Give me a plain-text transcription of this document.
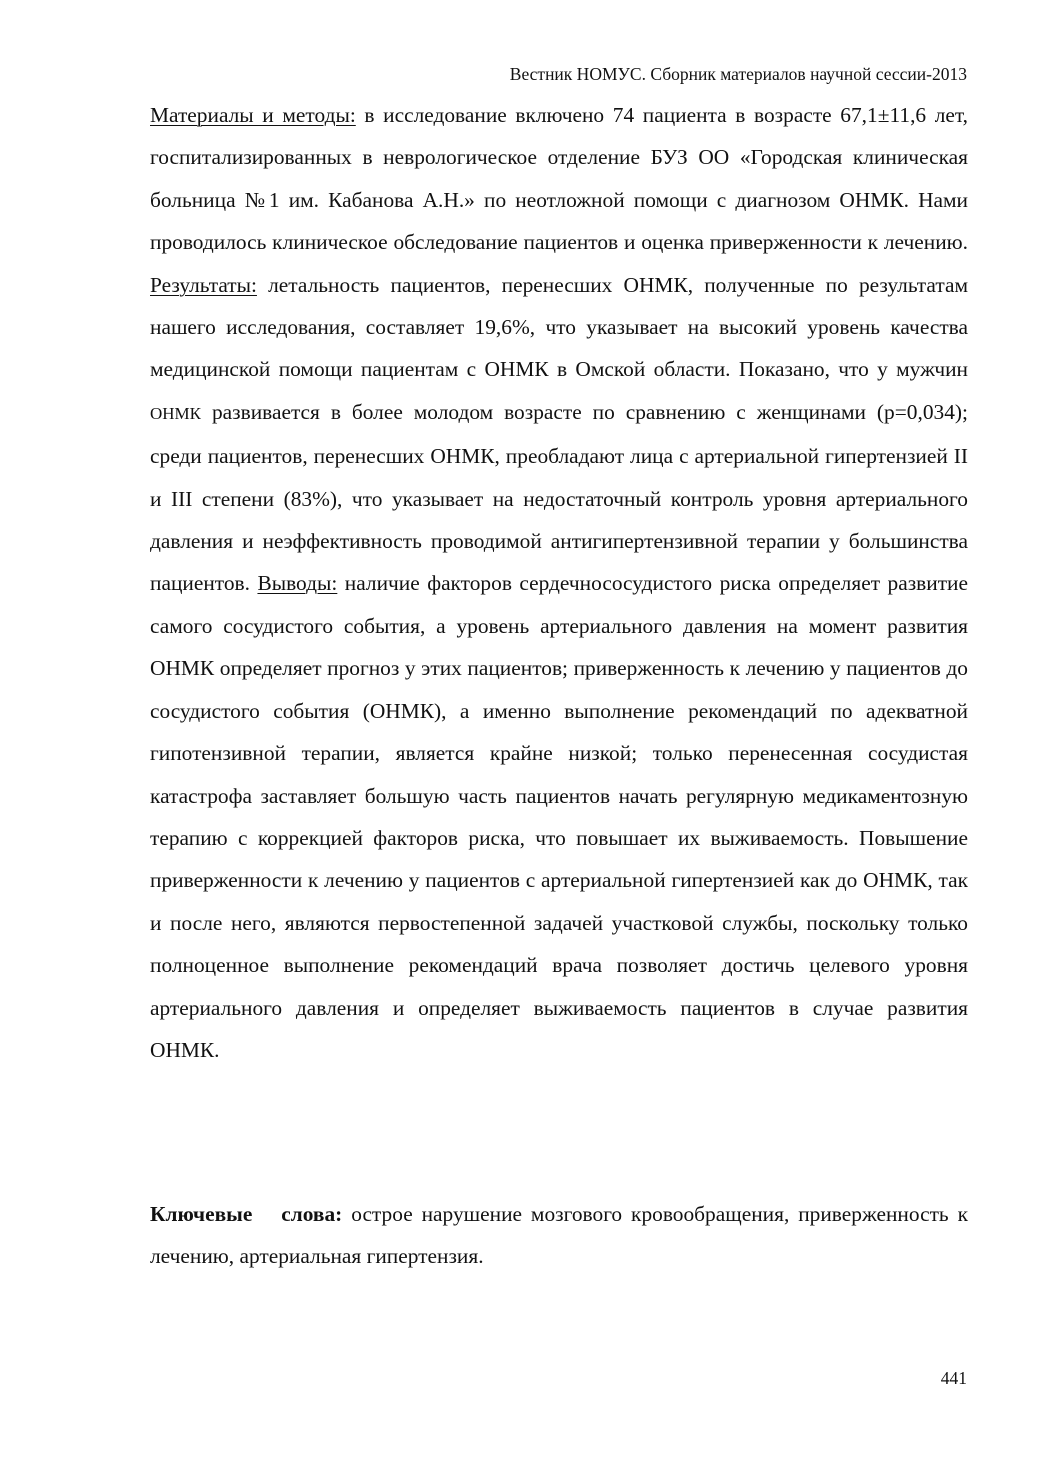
Вестник НОМУС. Сборник материалов научной сессии-2013

Материалы и методы: в исследование включено 74 пациента в возрасте 67,1±11,6 лет, госпитализированных в неврологическое отделение БУЗ ОО «Городская клиническая больница №1 им. Кабанова А.Н.» по неотложной помощи с диагнозом ОНМК. Нами проводилось клиническое обследование пациентов и оценка приверженности к лечению. Результаты: летальность пациентов, перенесших ОНМК, полученные по результатам нашего исследования, составляет 19,6%, что указывает на высокий уровень качества медицинской помощи пациентам с ОНМК в Омской области. Показано, что у мужчин ОНМК развивается в более молодом возрасте по сравнению с женщинами (р=0,034); среди пациентов, перенесших ОНМК, преобладают лица с артериальной гипертензией II и III степени (83%), что указывает на недостаточный контроль уровня артериального давления и неэффективность проводимой антигипертензивной терапии у большинства пациентов. Выводы: наличие факторов сердечнососудистого риска определяет развитие самого сосудистого события, а уровень артериального давления на момент развития ОНМК определяет прогноз у этих пациентов; приверженность к лечению у пациентов до сосудистого события (ОНМК), а именно выполнение рекомендаций по адекватной гипотензивной терапии, является крайне низкой; только перенесенная сосудистая катастрофа заставляет большую часть пациентов начать регулярную медикаментозную терапию с коррекцией факторов риска, что повышает их выживаемость. Повышение приверженности к лечению у пациентов с артериальной гипертензией как до ОНМК, так и после него, являются первостепенной задачей участковой службы, поскольку только полноценное выполнение рекомендаций врача позволяет достичь целевого уровня артериального давления и определяет выживаемость пациентов в случае развития ОНМК.

Ключевые слова: острое нарушение мозгового кровообращения, приверженность к лечению, артериальная гипертензия.

441
